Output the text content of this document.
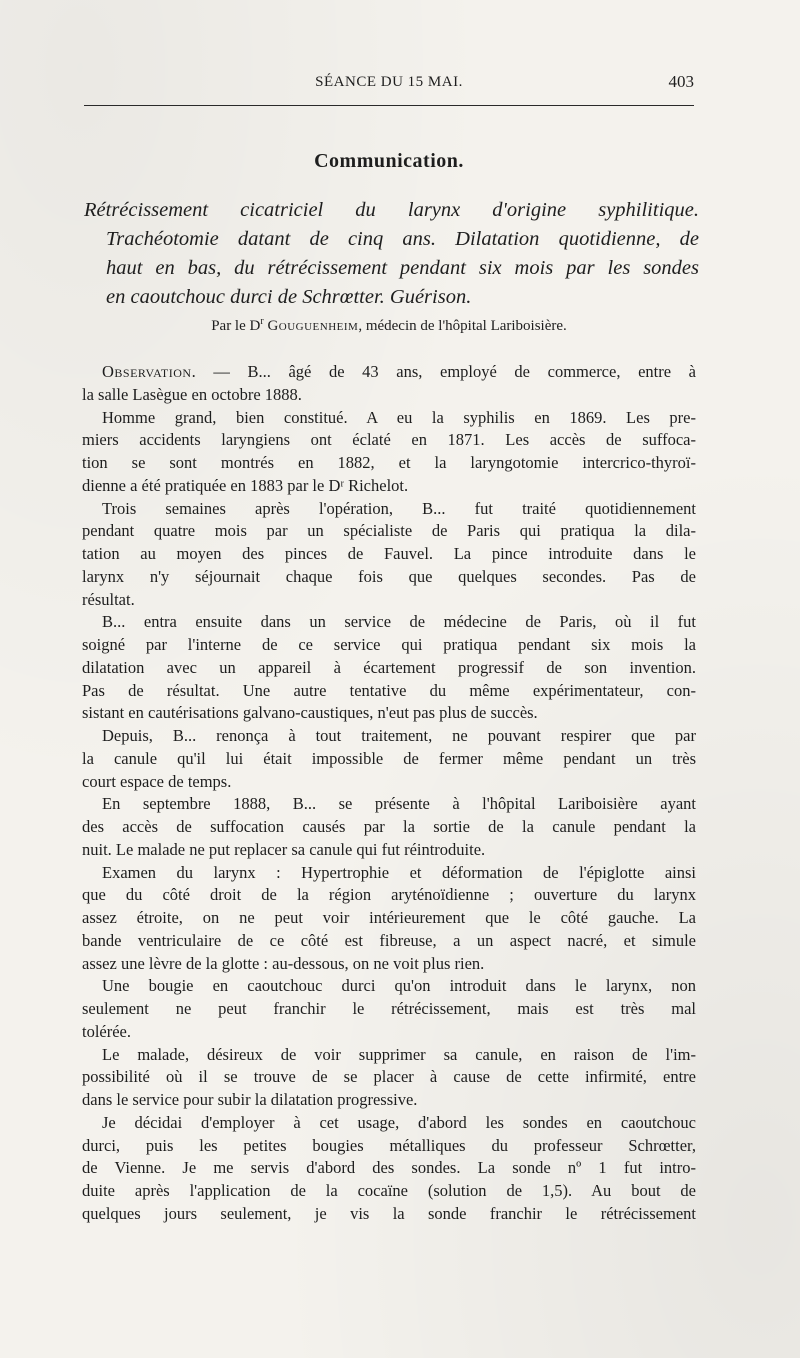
SÉANCE DU 15 MAI.	403
Communication.
Rétrécissement cicatriciel du larynx d'origine syphilitique.
Trachéotomie datant de cinq ans. Dilatation quotidienne, de
haut en bas, du rétrécissement pendant six mois par les sondes
en caoutchouc durci de Schrœtter. Guérison.
Par le $D^r$ Gouguenheim, médecin de l'hôpital Lariboisière.
Observation. — B... âgé de 43 ans, employé de commerce, entre à
la salle Lasègue en octobre 1888.
Homme grand, bien constitué. A eu la syphilis en 1869. Les pre-
miers accidents laryngiens ont éclaté en 1871. Les accès de suffoca-
tion se sont montrés en 1882, et la laryngotomie intercrico-thyroï-
dienne a été pratiquée en 1883 par le Dʳ Richelot.
Trois semaines après l'opération, B... fut traité quotidiennement
pendant quatre mois par un spécialiste de Paris qui pratiqua la dila-
tation au moyen des pinces de Fauvel. La pince introduite dans le
larynx n'y séjournait chaque fois que quelques secondes. Pas de
résultat.
B... entra ensuite dans un service de médecine de Paris, où il fut
soigné par l'interne de ce service qui pratiqua pendant six mois la
dilatation avec un appareil à écartement progressif de son invention.
Pas de résultat. Une autre tentative du même expérimentateur, con-
sistant en cautérisations galvano-caustiques, n'eut pas plus de succès.
Depuis, B... renonça à tout traitement, ne pouvant respirer que par
la canule qu'il lui était impossible de fermer même pendant un très
court espace de temps.
En septembre 1888, B... se présente à l'hôpital Lariboisière ayant
des accès de suffocation causés par la sortie de la canule pendant la
nuit. Le malade ne put replacer sa canule qui fut réintroduite.
Examen du larynx : Hypertrophie et déformation de l'épiglotte ainsi
que du côté droit de la région aryténoïdienne ; ouverture du larynx
assez étroite, on ne peut voir intérieurement que le côté gauche. La
bande ventriculaire de ce côté est fibreuse, a un aspect nacré, et simule
assez une lèvre de la glotte : au-dessous, on ne voit plus rien.
Une bougie en caoutchouc durci qu'on introduit dans le larynx, non
seulement ne peut franchir le rétrécissement, mais est très mal
tolérée.
Le malade, désireux de voir supprimer sa canule, en raison de l'im-
possibilité où il se trouve de se placer à cause de cette infirmité, entre
dans le service pour subir la dilatation progressive.
Je décidai d'employer à cet usage, d'abord les sondes en caoutchouc
durci, puis les petites bougies métalliques du professeur Schrœtter,
de Vienne. Je me servis d'abord des sondes. La sonde nº 1 fut intro-
duite après l'application de la cocaïne (solution de 1,5). Au bout de
quelques jours seulement, je vis la sonde franchir le rétrécissement
